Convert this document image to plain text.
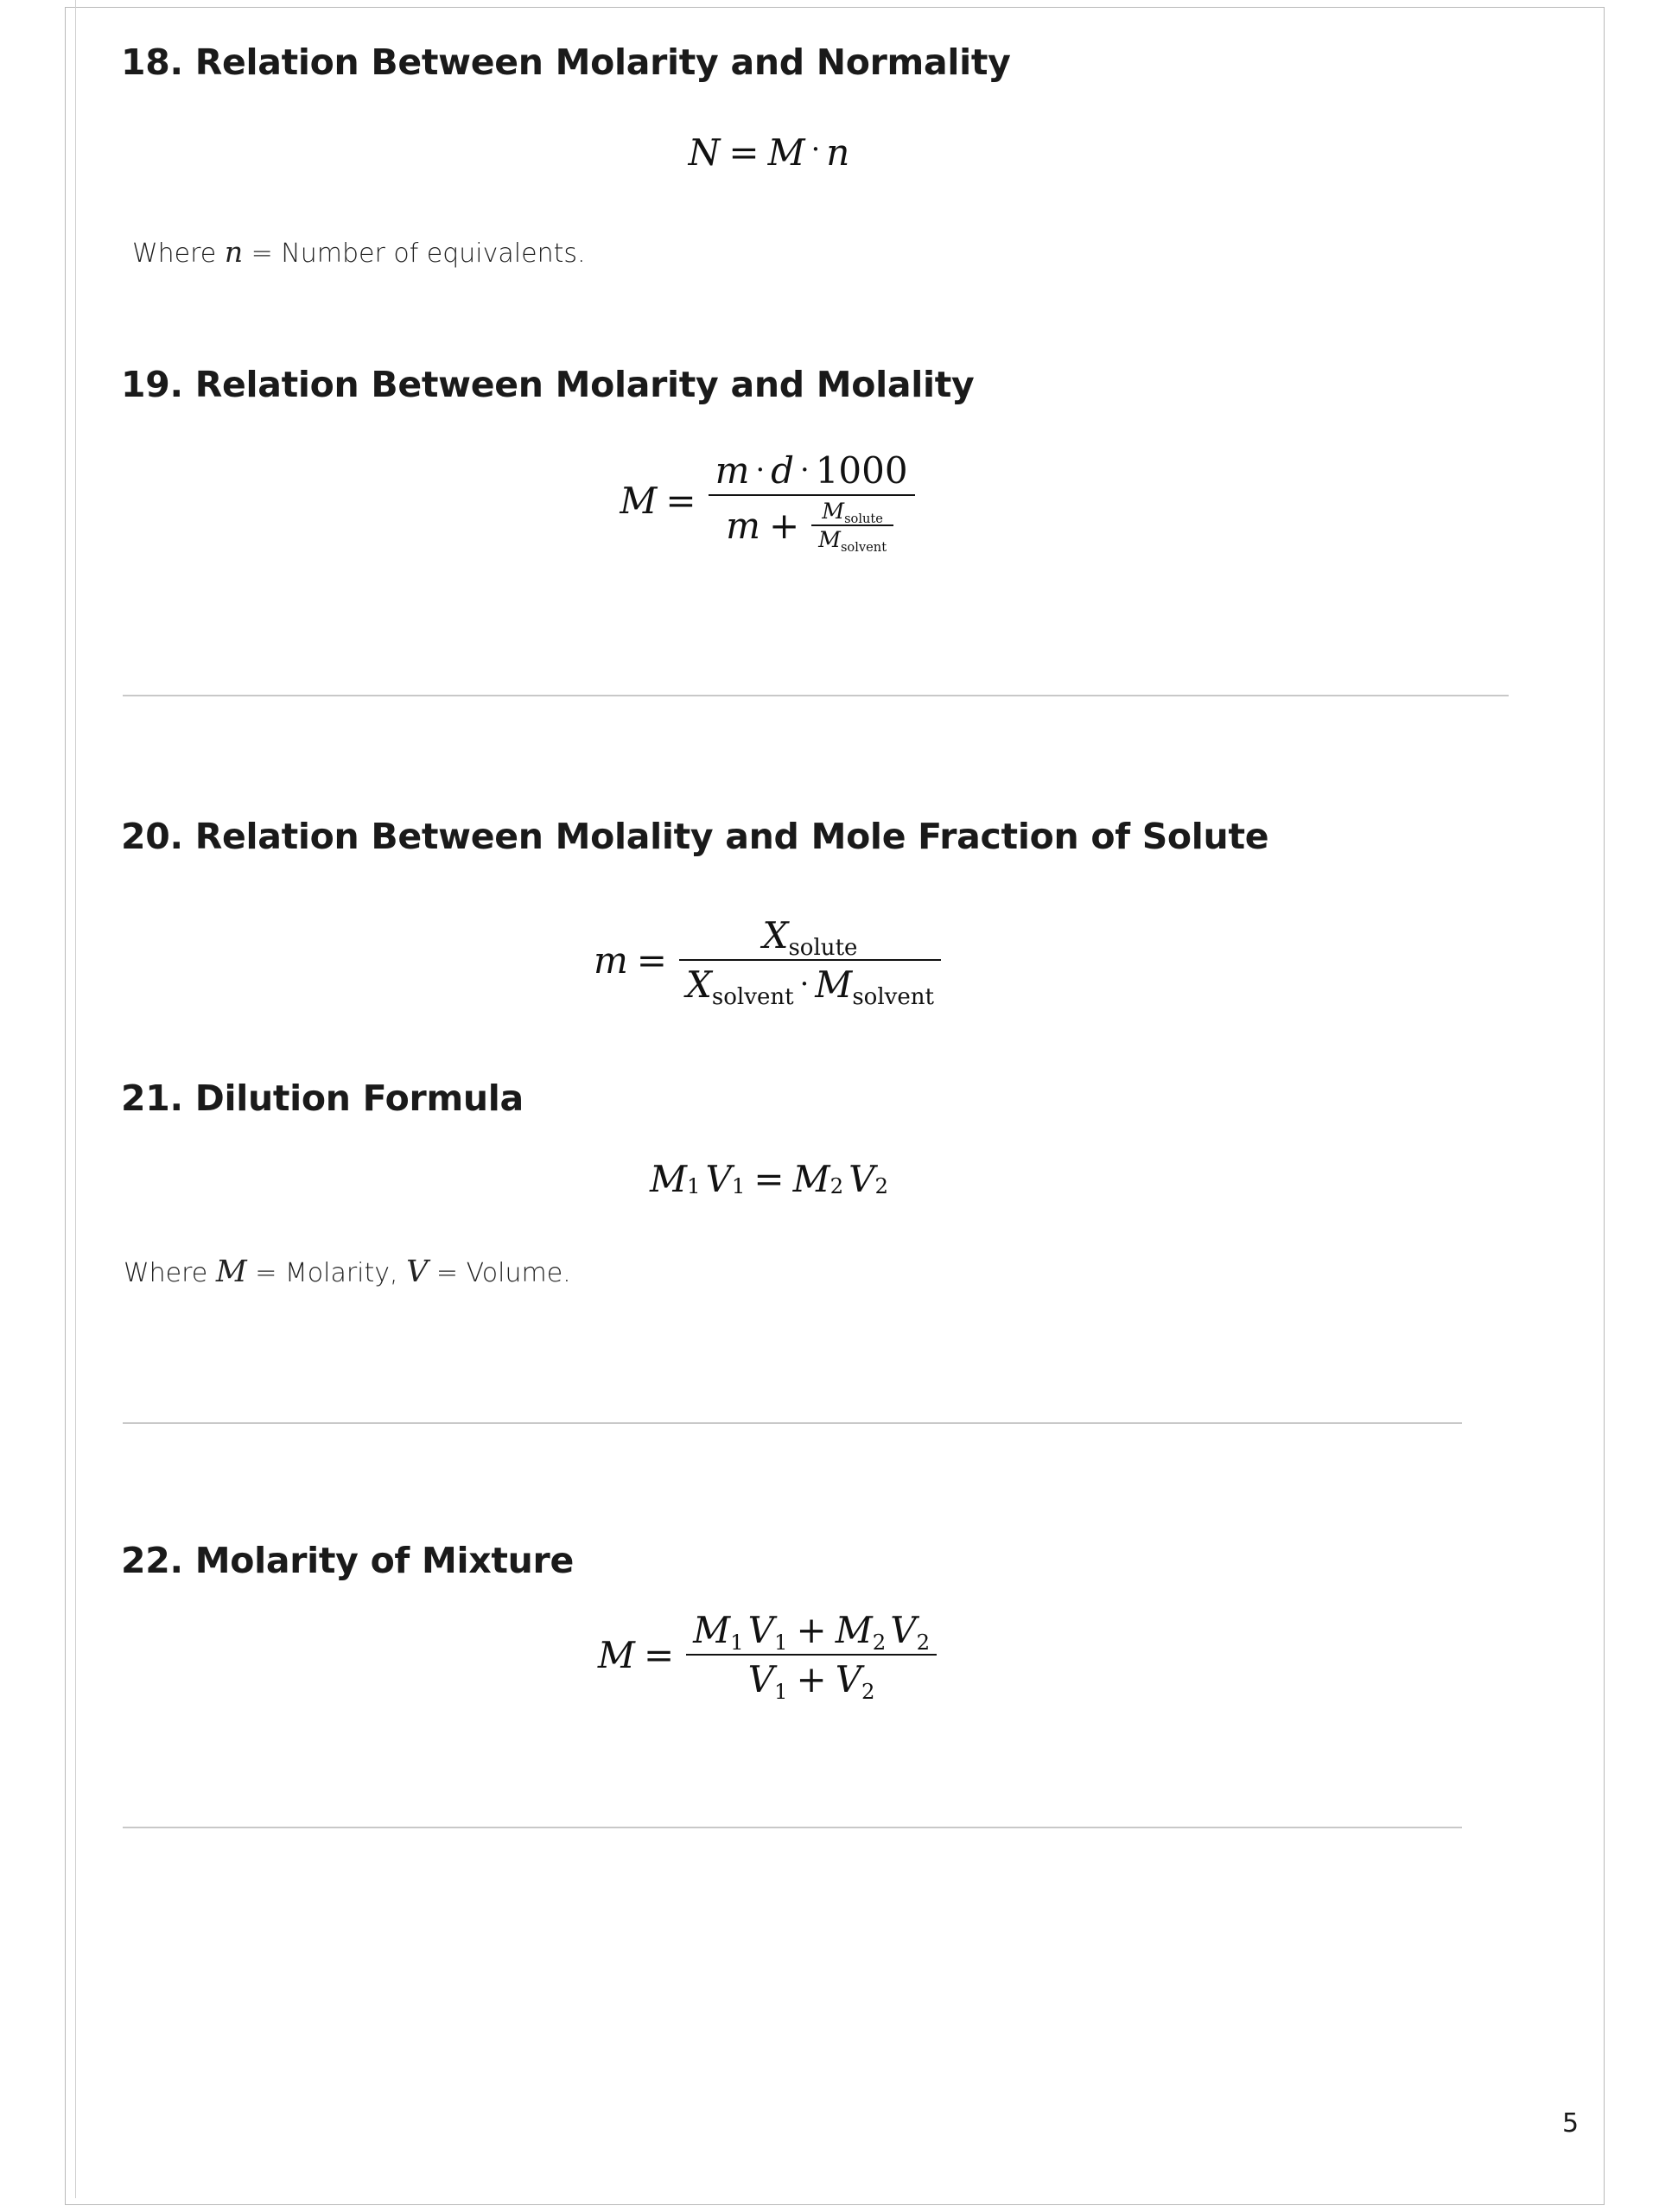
18. Relation Between Molarity and Normality
N = M · n
Where n = Number of equivalents.
19. Relation Between Molarity and Molality
M =
m · d · 1000
$m + \frac{M_{solute}}{M_{solvent}}$
20. Relation Between Molality and Mole Fraction of Solute
$m = \frac{X_{solute}}{X_{solvent} \cdot M_{solvent}}$
21. Dilution Formula
$M_1$ $V_1 = M_2$ $V_2$
Where M = Molarity, V = Volume.
22. Molarity of Mixture
$M = \frac{M_1 V_1 + M_2 V_2}{V_1 + V_2}$
5
